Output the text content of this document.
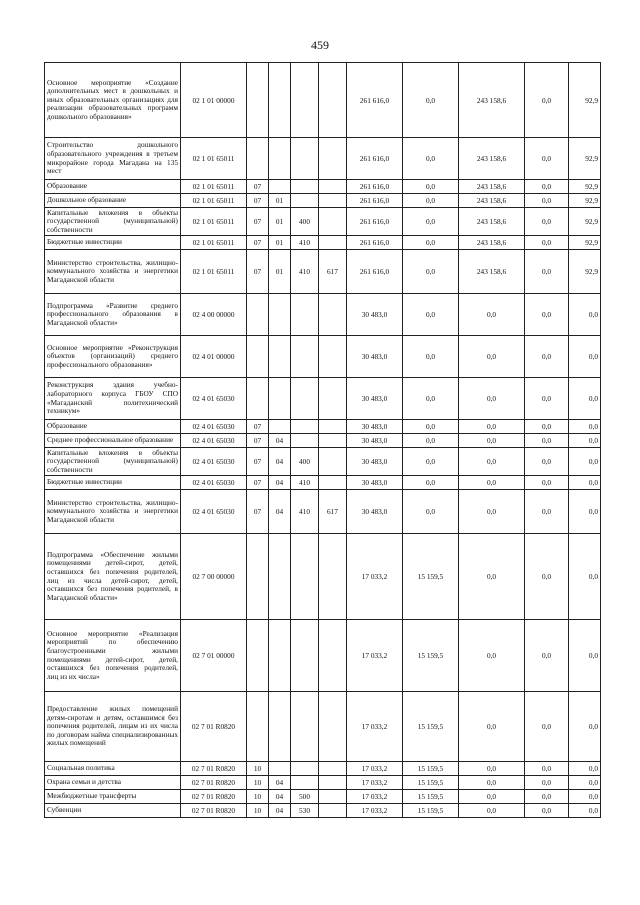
459
Основное мероприятие «Создание дополнительных мест в дошкольных и иных образовательных организациях для реализации образовательных программ дошкольного образования»	02 1 01 00000					261 616,0	0,0	243 158,6	0,0	92,9
Строительство дошкольного образовательного учреждения в третьем микрорайоне города Магадана на 135 мест	02 1 01 65011					261 616,0	0,0	243 158,6	0,0	92,9
Образование	02 1 01 65011	07				261 616,0	0,0	243 158,6	0,0	92,9
Дошкольное образование	02 1 01 65011	07	01			261 616,0	0,0	243 158,6	0,0	92,9
Капитальные вложения в объекты государственной (муниципальной) собственности	02 1 01 65011	07	01	400		261 616,0	0,0	243 158,6	0,0	92,9
Бюджетные инвестиции	02 1 01 65011	07	01	410		261 616,0	0,0	243 158,6	0,0	92,9
Министерство строительства, жилищно-коммунального хозяйства и энергетики Магаданской области	02 1 01 65011	07	01	410	617	261 616,0	0,0	243 158,6	0,0	92,9
Подпрограмма «Развитие среднего профессионального образования в Магаданской области»	02 4 00 00000					30 483,0	0,0	0,0	0,0	0,0
Основное мероприятие «Реконструкция объектов (организаций) среднего профессионального образования»	02 4 01 00000					30 483,0	0,0	0,0	0,0	0,0
Реконструкция здания учебно-лабораторного корпуса ГБОУ СПО «Магаданский политехнический техникум»	02 4 01 65030					30 483,0	0,0	0,0	0,0	0,0
Образование	02 4 01 65030	07				30 483,0	0,0	0,0	0,0	0,0
Среднее профессиональное образование	02 4 01 65030	07	04			30 483,0	0,0	0,0	0,0	0,0
Капитальные вложения в объекты государственной (муниципальной) собственности	02 4 01 65030	07	04	400		30 483,0	0,0	0,0	0,0	0,0
Бюджетные инвестиции	02 4 01 65030	07	04	410		30 483,0	0,0	0,0	0,0	0,0
Министерство строительства, жилищно-коммунального хозяйства и энергетики Магаданской области	02 4 01 65030	07	04	410	617	30 483,0	0,0	0,0	0,0	0,0
Подпрограмма «Обеспечение жилыми помещениями детей-сирот, детей, оставшихся без попечения родителей, лиц из числа детей-сирот, детей, оставшихся без попечения родителей, в Магаданской области»	02 7 00 00000					17 033,2	15 159,5	0,0	0,0	0,0
Основное мероприятие «Реализация мероприятий по обеспечению благоустроенными жилыми помещениями детей-сирот, детей, оставшихся без попечения родителей, лиц из их числа»	02 7 01 00000					17 033,2	15 159,5	0,0	0,0	0,0
Предоставление жилых помещений детям-сиротам и детям, оставшимся без попечения родителей, лицам из их числа по договорам найма специализированных жилых помещений	02 7 01 R0820					17 033,2	15 159,5	0,0	0,0	0,0
Социальная политика	02 7 01 R0820	10				17 033,2	15 159,5	0,0	0,0	0,0
Охрана семьи и детства	02 7 01 R0820	10	04			17 033,2	15 159,5	0,0	0,0	0,0
Межбюджетные трансферты	02 7 01 R0820	10	04	500		17 033,2	15 159,5	0,0	0,0	0,0
Субвенции	02 7 01 R0820	10	04	530		17 033,2	15 159,5	0,0	0,0	0,0
